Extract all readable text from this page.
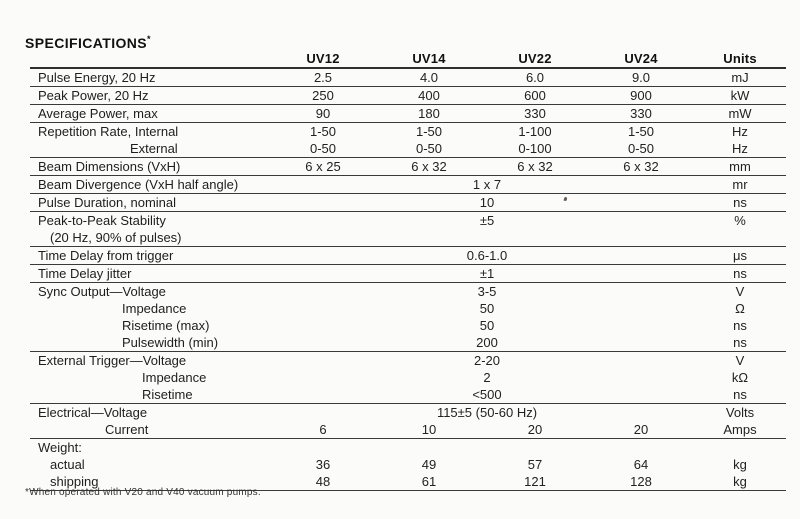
SPECIFICATIONS*
UV12	UV14	UV22	UV24	Units
Pulse Energy, 20 Hz	2.5	4.0	6.0	9.0	mJ
Peak Power, 20 Hz	250	400	600	900	kW
Average Power, max	90	180	330	330	mW
Repetition Rate, Internal	1-50	1-50	1-100	1-50	Hz
External	0-50	0-50	0-100	0-50	Hz
Beam Dimensions (VxH)	6 x 25	6 x 32	6 x 32	6 x 32	mm
Beam Divergence (VxH half angle)	1 x 7	mr
Pulse Duration, nominal	10	ns
Peak-to-Peak Stability	±5	%
(20 Hz, 90% of pulses)
Time Delay from trigger	0.6-1.0	μs
Time Delay jitter	±1	ns
Sync Output—Voltage	3-5	V
Impedance	50	Ω
Risetime (max)	50	ns
Pulsewidth (min)	200	ns
External Trigger—Voltage	2-20	V
Impedance	2	kΩ
Risetime	<500	ns
Electrical—Voltage	115±5 (50-60 Hz)	Volts
Current	6	10	20	20	Amps
Weight:
actual	36	49	57	64	kg
shipping	48	61	121	128	kg
*When operated with V20 and V40 vacuum pumps.
